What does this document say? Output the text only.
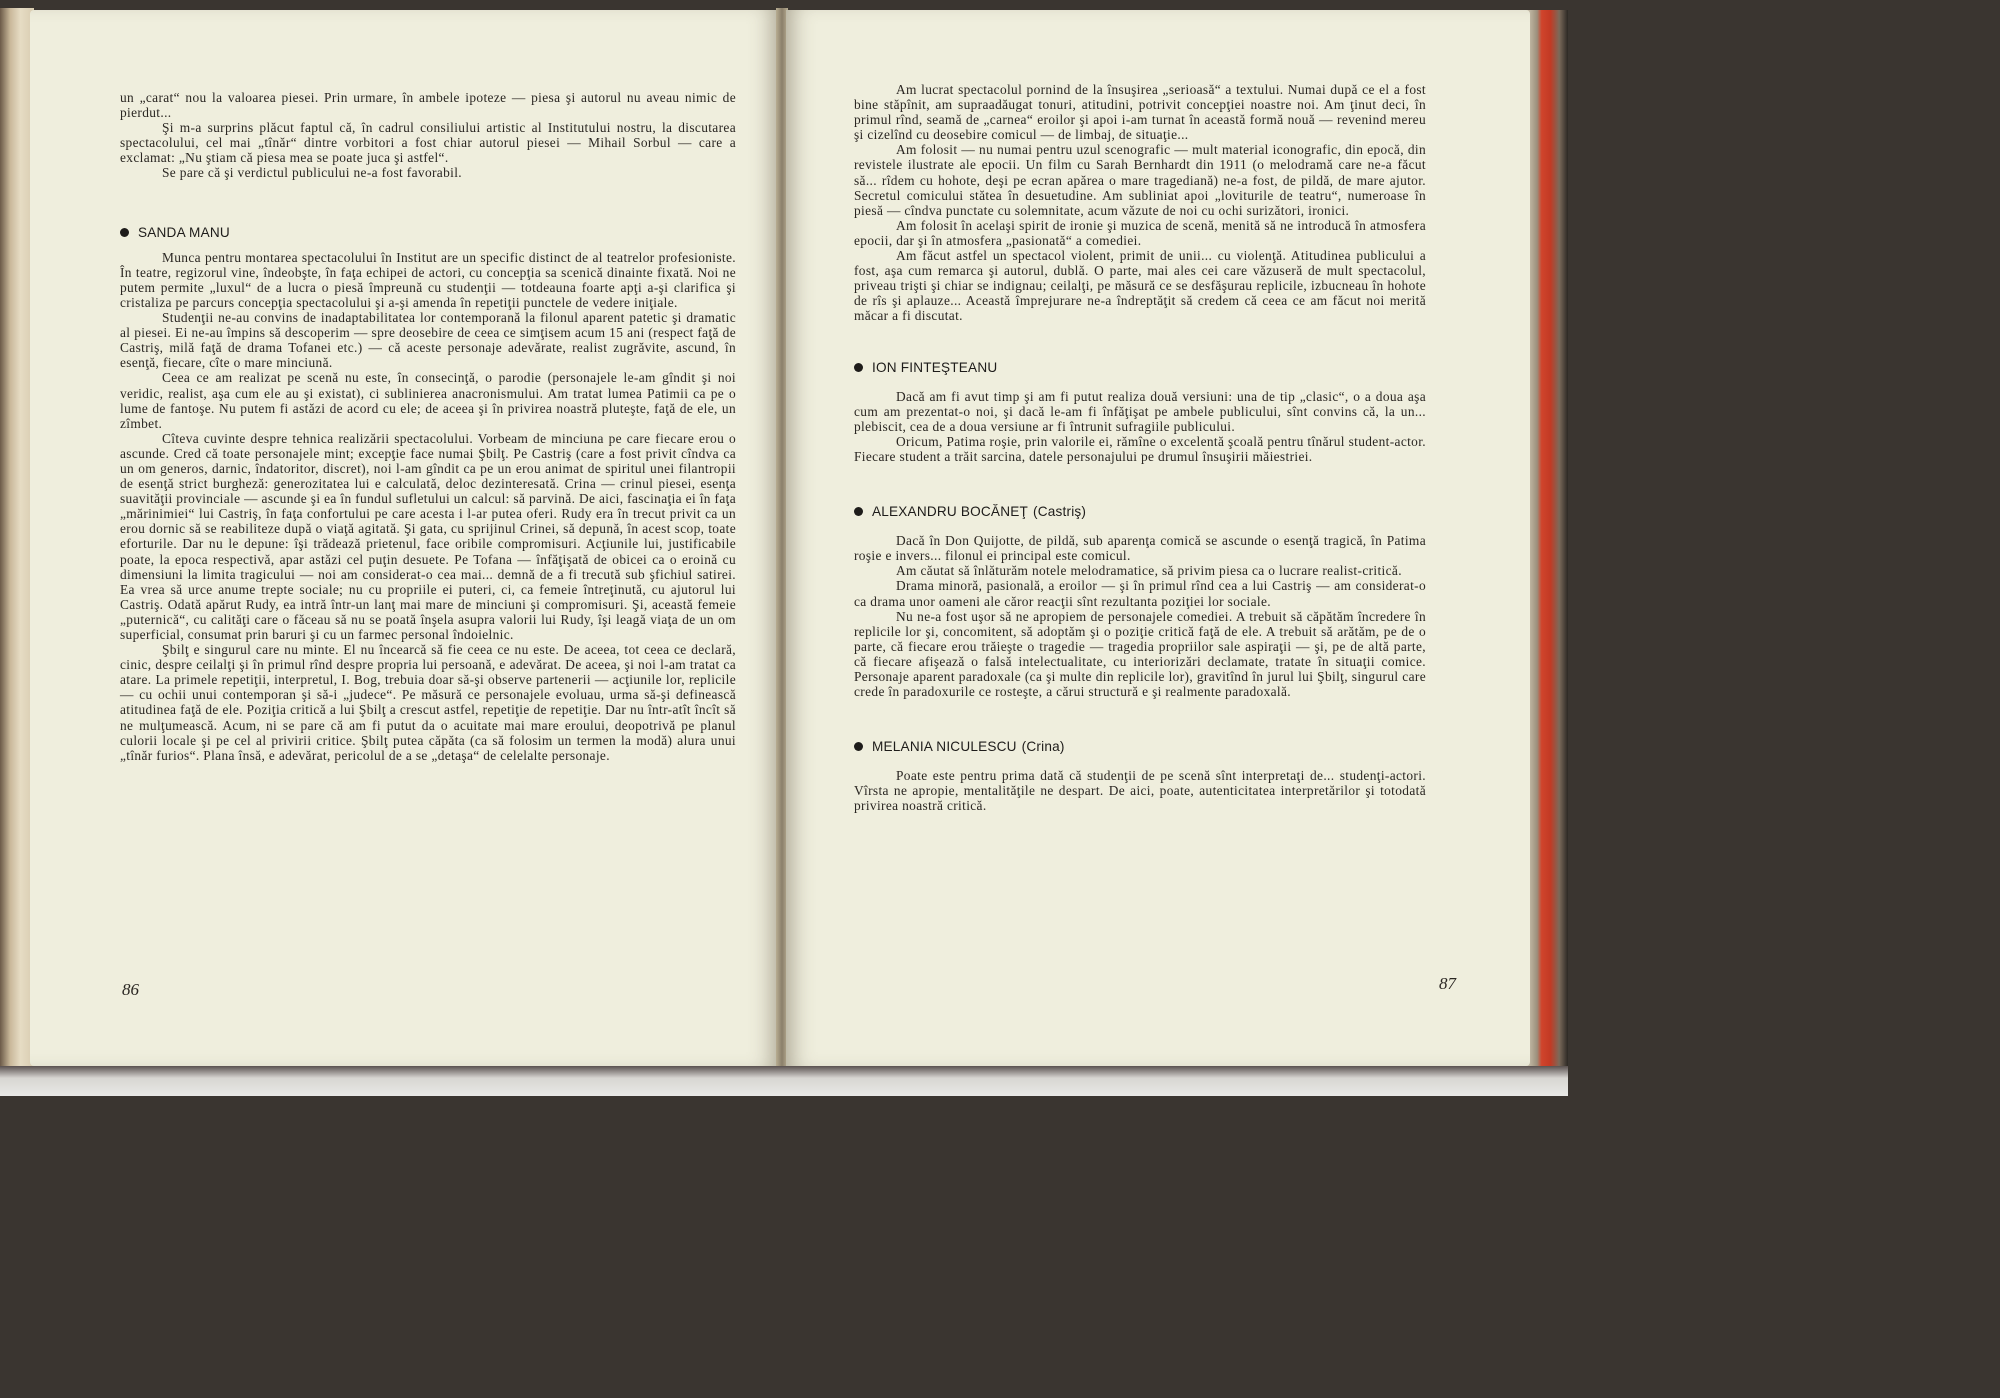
un „carat“ nou la valoarea piesei. Prin urmare, în ambele ipoteze — piesa şi autorul nu aveau nimic de pierdut...

Şi m-a surprins plăcut faptul că, în cadrul consiliului artistic al Institutului nostru, la discutarea spectacolului, cel mai „tînăr“ dintre vorbitori a fost chiar autorul piesei — Mihail Sorbul — care a exclamat: „Nu ştiam că piesa mea se poate juca şi astfel“.

Se pare că şi verdictul publicului ne-a fost favorabil.

SANDA MANU

Munca pentru montarea spectacolului în Institut are un specific distinct de al teatrelor profesioniste. În teatre, regizorul vine, îndeobşte, în faţa echipei de actori, cu concepţia sa scenică dinainte fixată. Noi ne putem permite „luxul“ de a lucra o piesă împreună cu studenţii — totdeauna foarte apţi a-şi clarifica şi cristaliza pe parcurs concepţia spectacolului şi a-şi amenda în repetiţii punctele de vedere iniţiale.

Studenţii ne-au convins de inadaptabilitatea lor contemporană la filonul aparent patetic şi dramatic al piesei. Ei ne-au împins să descoperim — spre deosebire de ceea ce simţisem acum 15 ani (respect faţă de Castriş, milă faţă de drama Tofanei etc.) — că aceste personaje adevărate, realist zugrăvite, ascund, în esenţă, fiecare, cîte o mare minciună.

Ceea ce am realizat pe scenă nu este, în consecinţă, o parodie (personajele le-am gîndit şi noi veridic, realist, aşa cum ele au şi existat), ci sublinierea anacronismului. Am tratat lumea Patimii ca pe o lume de fantoşe. Nu putem fi astăzi de acord cu ele; de aceea şi în privirea noastră pluteşte, faţă de ele, un zîmbet.

Cîteva cuvinte despre tehnica realizării spectacolului. Vorbeam de minciuna pe care fiecare erou o ascunde. Cred că toate personajele mint; excepţie face numai Şbilţ. Pe Castriş (care a fost privit cîndva ca un om generos, darnic, îndatoritor, discret), noi l-am gîndit ca pe un erou animat de spiritul unei filantropii de esenţă strict burgheză: generozitatea lui e calculată, deloc dezinteresată. Crina — crinul piesei, esenţa suavităţii provinciale — ascunde şi ea în fundul sufletului un calcul: să parvină. De aici, fascinaţia ei în faţa „mărinimiei“ lui Castriş, în faţa confortului pe care acesta i l-ar putea oferi. Rudy era în trecut privit ca un erou dornic să se reabiliteze după o viaţă agitată. Şi gata, cu sprijinul Crinei, să depună, în acest scop, toate eforturile. Dar nu le depune: îşi trădează prietenul, face oribile compromisuri. Acţiunile lui, justificabile poate, la epoca respectivă, apar astăzi cel puţin desuete. Pe Tofana — înfăţişată de obicei ca o eroină cu dimensiuni la limita tragicului — noi am considerat-o cea mai... demnă de a fi trecută sub şfichiul satirei. Ea vrea să urce anume trepte sociale; nu cu propriile ei puteri, ci, ca femeie întreţinută, cu ajutorul lui Castriş. Odată apărut Rudy, ea intră într-un lanţ mai mare de minciuni şi compromisuri. Şi, această femeie „puternică“, cu calităţi care o făceau să nu se poată înşela asupra valorii lui Rudy, îşi leagă viaţa de un om superficial, consumat prin baruri şi cu un farmec personal îndoielnic.

Şbilţ e singurul care nu minte. El nu încearcă să fie ceea ce nu este. De aceea, tot ceea ce declară, cinic, despre ceilalţi şi în primul rînd despre propria lui persoană, e adevărat. De aceea, şi noi l-am tratat ca atare. La primele repetiţii, interpretul, I. Bog, trebuia doar să-şi observe partenerii — acţiunile lor, replicile — cu ochii unui contemporan şi să-i „judece“. Pe măsură ce personajele evoluau, urma să-şi definească atitudinea faţă de ele. Poziţia critică a lui Şbilţ a crescut astfel, repetiţie de repetiţie. Dar nu într-atît încît să ne mulţumească. Acum, ni se pare că am fi putut da o acuitate mai mare eroului, deopotrivă pe planul culorii locale şi pe cel al privirii critice. Şbilţ putea căpăta (ca să folosim un termen la modă) alura unui „tînăr furios“. Plana însă, e adevărat, pericolul de a se „detaşa“ de celelalte personaje.

86

Am lucrat spectacolul pornind de la însuşirea „serioasă“ a textului. Numai după ce el a fost bine stăpînit, am supraadăugat tonuri, atitudini, potrivit concepţiei noastre noi. Am ţinut deci, în primul rînd, seamă de „carnea“ eroilor şi apoi i-am turnat în această formă nouă — revenind mereu şi cizelînd cu deosebire comicul — de limbaj, de situaţie...

Am folosit — nu numai pentru uzul scenografic — mult material iconografic, din epocă, din revistele ilustrate ale epocii. Un film cu Sarah Bernhardt din 1911 (o melodramă care ne-a făcut să... rîdem cu hohote, deşi pe ecran apărea o mare tragediană) ne-a fost, de pildă, de mare ajutor. Secretul comicului stătea în desuetudine. Am subliniat apoi „loviturile de teatru“, numeroase în piesă — cîndva punctate cu solemnitate, acum văzute de noi cu ochi surizători, ironici.

Am folosit în acelaşi spirit de ironie şi muzica de scenă, menită să ne introducă în atmosfera epocii, dar şi în atmosfera „pasionată“ a comediei.

Am făcut astfel un spectacol violent, primit de unii... cu violenţă. Atitudinea publicului a fost, aşa cum remarca şi autorul, dublă. O parte, mai ales cei care văzuseră de mult spectacolul, priveau trişti şi chiar se indignau; ceilalţi, pe măsură ce se desfăşurau replicile, izbucneau în hohote de rîs şi aplauze... Această împrejurare ne-a îndreptăţit să credem că ceea ce am făcut noi merită măcar a fi discutat.

ION FINTEŞTEANU

Dacă am fi avut timp şi am fi putut realiza două versiuni: una de tip „clasic“, o a doua aşa cum am prezentat-o noi, şi dacă le-am fi înfăţişat pe ambele publicului, sînt convins că, la un... plebiscit, cea de a doua versiune ar fi întrunit sufragiile publicului.

Oricum, Patima roşie, prin valorile ei, rămîne o excelentă şcoală pentru tînărul student-actor. Fiecare student a trăit sarcina, datele personajului pe drumul însuşirii măiestriei.

ALEXANDRU BOCĂNEŢ (Castriş)

Dacă în Don Quijotte, de pildă, sub aparenţa comică se ascunde o esenţă tragică, în Patima roşie e invers... filonul ei principal este comicul.

Am căutat să înlăturăm notele melodramatice, să privim piesa ca o lucrare realist-critică.

Drama minoră, pasională, a eroilor — şi în primul rînd cea a lui Castriş — am considerat-o ca drama unor oameni ale căror reacţii sînt rezultanta poziţiei lor sociale.

Nu ne-a fost uşor să ne apropiem de personajele comediei. A trebuit să căpătăm încredere în replicile lor şi, concomitent, să adoptăm şi o poziţie critică faţă de ele. A trebuit să arătăm, pe de o parte, că fiecare erou trăieşte o tragedie — tragedia propriilor sale aspiraţii — şi, pe de altă parte, că fiecare afişează o falsă intelectualitate, cu interiorizări declamate, tratate în situaţii comice. Personaje aparent paradoxale (ca şi multe din replicile lor), gravitînd în jurul lui Şbilţ, singurul care crede în paradoxurile ce rosteşte, a cărui structură e şi realmente paradoxală.

MELANIA NICULESCU (Crina)

Poate este pentru prima dată că studenţii de pe scenă sînt interpretaţi de... studenţi-actori. Vîrsta ne apropie, mentalităţile ne despart. De aici, poate, autenticitatea interpretărilor şi totodată privirea noastră critică.

87
